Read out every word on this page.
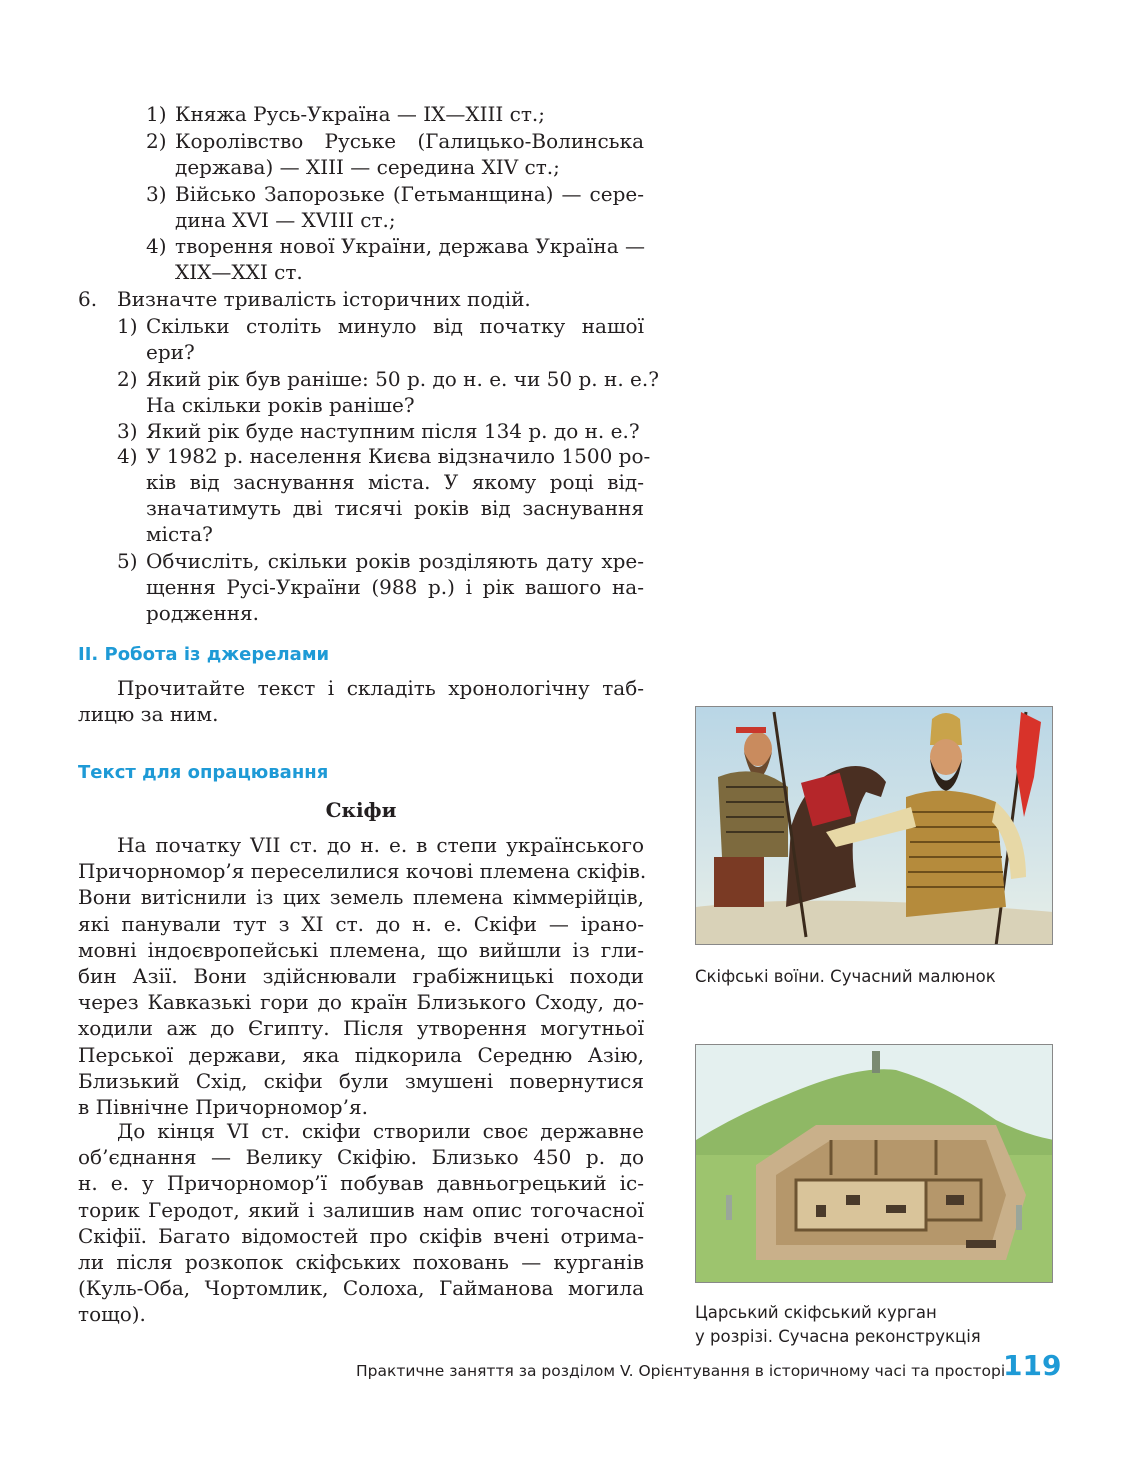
1) Княжа Русь-Україна — IX—XIII ст.;
2) Королівство Руське (Галицько-Волинська
держава) — XIII — середина XIV ст.;
3) Військо Запорозьке (Гетьманщина) — сере-
дина XVI — XVIII ст.;
4) творення нової України, держава Україна —
XIX—XXI ст.
6. Визначте тривалість історичних подій.
1) Скільки століть минуло від початку нашої
ери?
2) Який рік був раніше: 50 р. до н. е. чи 50 р. н. е.?
На скільки років раніше?
3) Який рік буде наступним після 134 р. до н. е.?
4) У 1982 р. населення Києва відзначило 1500 ро-
ків від заснування міста. У якому році від-
значатимуть дві тисячі років від заснування
міста?
5) Обчисліть, скільки років розділяють дату хре-
щення Русі-України (988 р.) і рік вашого на-
родження.
II. Робота із джерелами
Прочитайте текст і складіть хронологічну таб-
лицю за ним.
Текст для опрацювання
Скіфи
На початку VII ст. до н. е. в степи українського
Причорномор’я переселилися кочові племена скіфів.
Вони витіснили із цих земель племена кіммерійців,
які панували тут з XI ст. до н. е. Скіфи — ірано-
мовні індоєвропейські племена, що вийшли із гли-
бин Азії. Вони здійснювали грабіжницькі походи
через Кавказькі гори до країн Близького Сходу, до-
ходили аж до Єгипту. Після утворення могутньої
Перської держави, яка підкорила Середню Азію,
Близький Схід, скіфи були змушені повернутися
в Північне Причорномор’я.
До кінця VI ст. скіфи створили своє державне
об’єднання — Велику Скіфію. Близько 450 р. до
н. е. у Причорномор’ї побував давньогрецький іс-
торик Геродот, який і залишив нам опис тогочасної
Скіфії. Багато відомостей про скіфів вчені отрима-
ли після розкопок скіфських поховань — курганів
(Куль-Оба, Чортомлик, Солоха, Гайманова могила
тощо).
Скіфські воїни. Сучасний малюнок
Царський скіфський курган
у розрізі. Сучасна реконструкція
Практичне заняття за розділом V. Орієнтування в історичному часі та просторі
119
